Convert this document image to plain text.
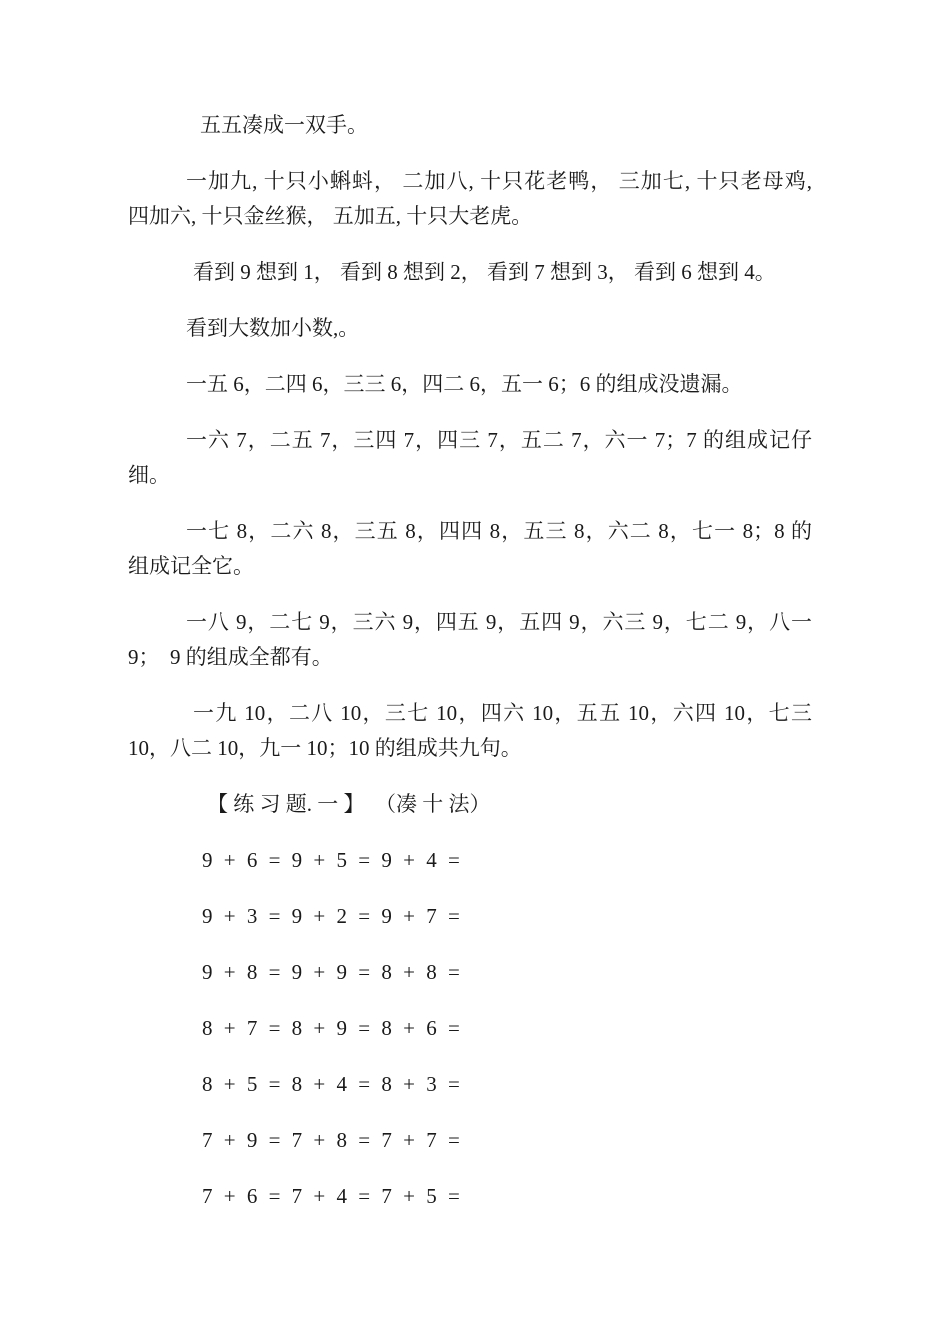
五五凑成一双手。
一加九, 十只小蝌蚪， 二加八, 十只花老鸭， 三加七, 十只老母鸡,
四加六, 十只金丝猴， 五加五, 十只大老虎。
看到 9 想到 1， 看到 8 想到 2， 看到 7 想到 3， 看到 6 想到 4。
看到大数加小数,。
一五 6，二四 6，三三 6，四二 6，五一 6；6 的组成没遗漏。
一六 7，二五 7，三四 7，四三 7，五二 7，六一 7；7 的组成记仔
细。
一七 8，二六 8，三五 8，四四 8，五三 8，六二 8，七一 8；8 的
组成记全它。
一八 9，二七 9，三六 9，四五 9，五四 9，六三 9，七二 9，八一
9；  9 的组成全都有。
一九 10，二八 10，三七 10，四六 10，五五 10，六四 10，七三
10，八二 10，九一 10；10 的组成共九句。
【 练 习 题. 一 】  （凑 十 法）
9 + 6 = 9 + 5 = 9 + 4 =
9 + 3 = 9 + 2 = 9 + 7 =
9 + 8 = 9 + 9 = 8 + 8 =
8 + 7 = 8 + 9 = 8 + 6 =
8 + 5 = 8 + 4 = 8 + 3 =
7 + 9 = 7 + 8 = 7 + 7 =
7 + 6 = 7 + 4 = 7 + 5 =
